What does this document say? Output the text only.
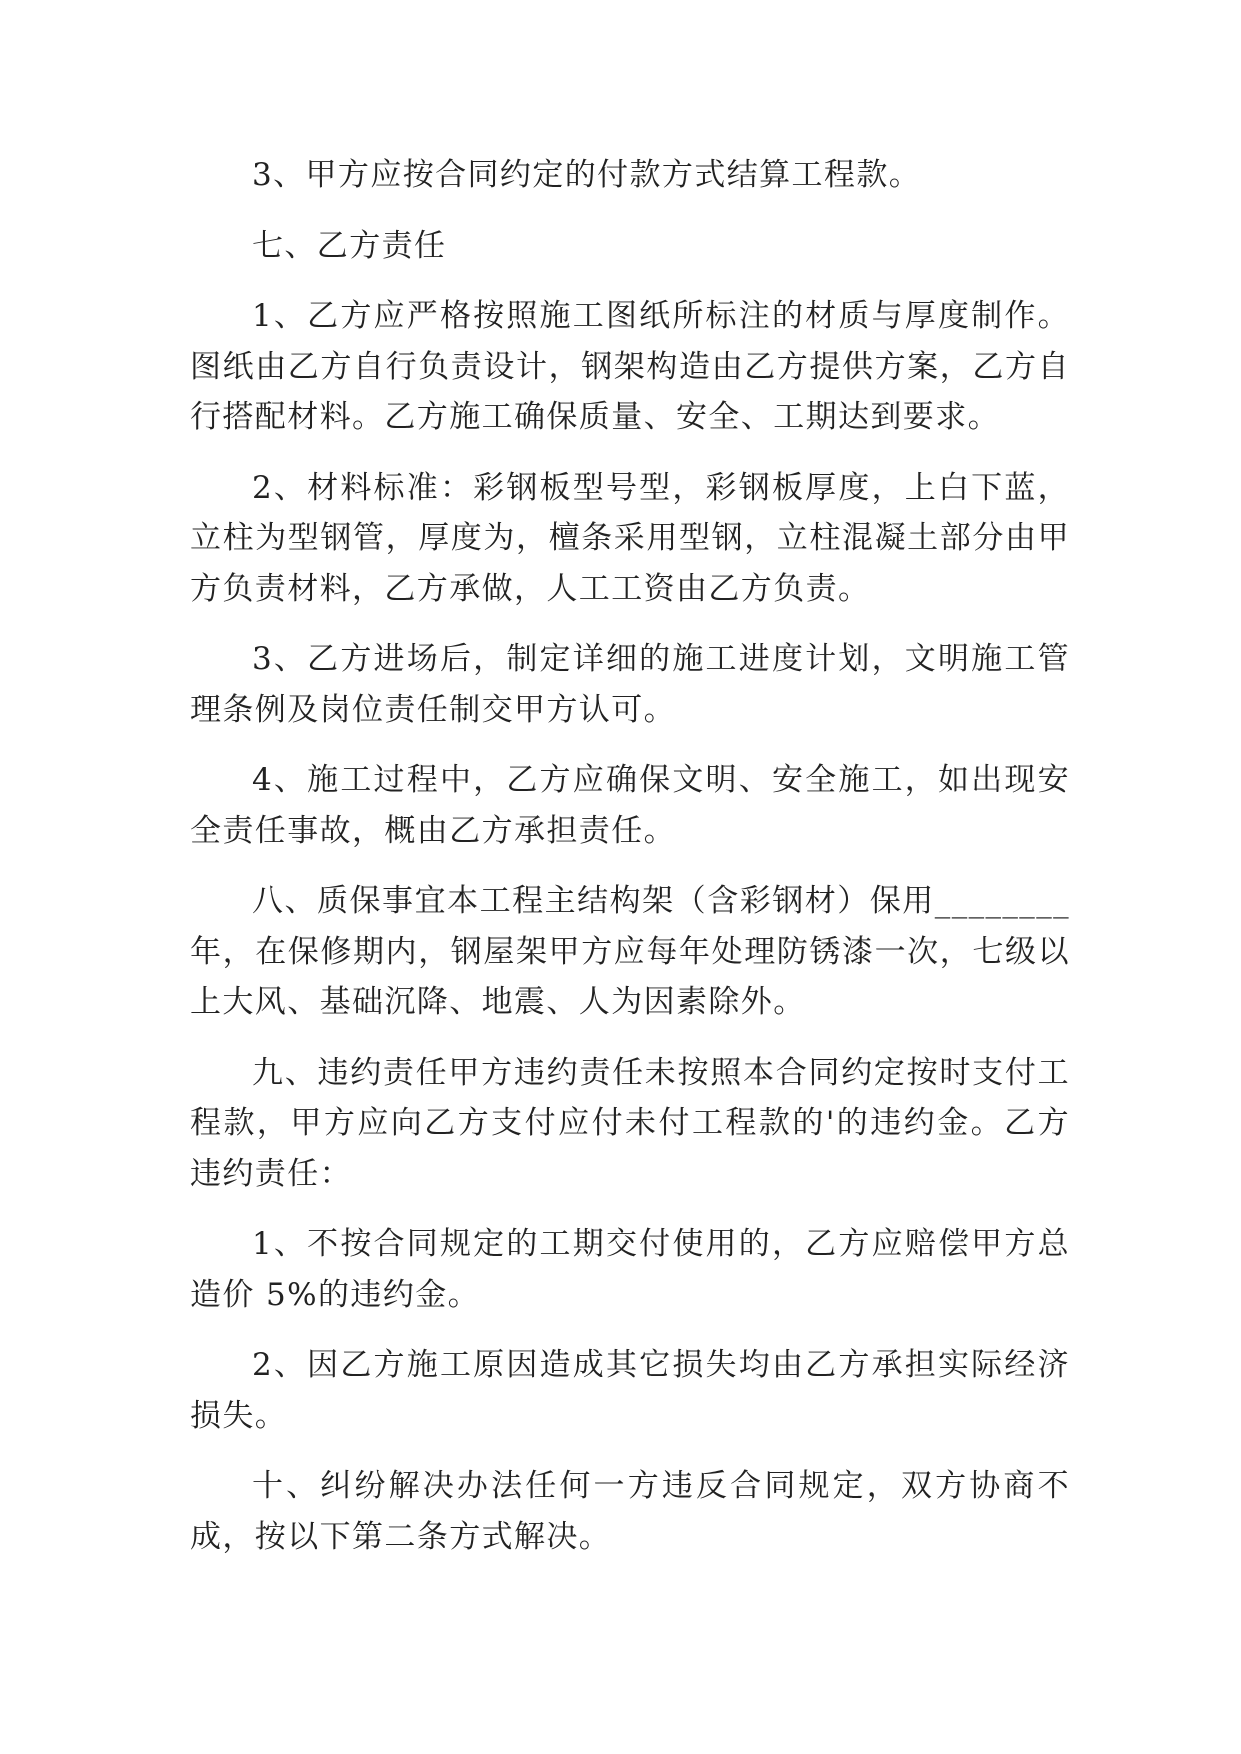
3、甲方应按合同约定的付款方式结算工程款。

七、乙方责任

1、乙方应严格按照施工图纸所标注的材质与厚度制作。图纸由乙方自行负责设计，钢架构造由乙方提供方案，乙方自行搭配材料。乙方施工确保质量、安全、工期达到要求。

2、材料标准：彩钢板型号型，彩钢板厚度，上白下蓝，立柱为型钢管，厚度为，檀条采用型钢，立柱混凝土部分由甲方负责材料，乙方承做，人工工资由乙方负责。

3、乙方进场后，制定详细的施工进度计划，文明施工管理条例及岗位责任制交甲方认可。

4、施工过程中，乙方应确保文明、安全施工，如出现安全责任事故，概由乙方承担责任。

八、质保事宜本工程主结构架（含彩钢材）保用________年，在保修期内，钢屋架甲方应每年处理防锈漆一次，七级以上大风、基础沉降、地震、人为因素除外。

九、违约责任甲方违约责任未按照本合同约定按时支付工程款，甲方应向乙方支付应付未付工程款的'的违约金。乙方违约责任：

1、不按合同规定的工期交付使用的，乙方应赔偿甲方总造价 5%的违约金。

2、因乙方施工原因造成其它损失均由乙方承担实际经济损失。

十、纠纷解决办法任何一方违反合同规定，双方协商不成，按以下第二条方式解决。
